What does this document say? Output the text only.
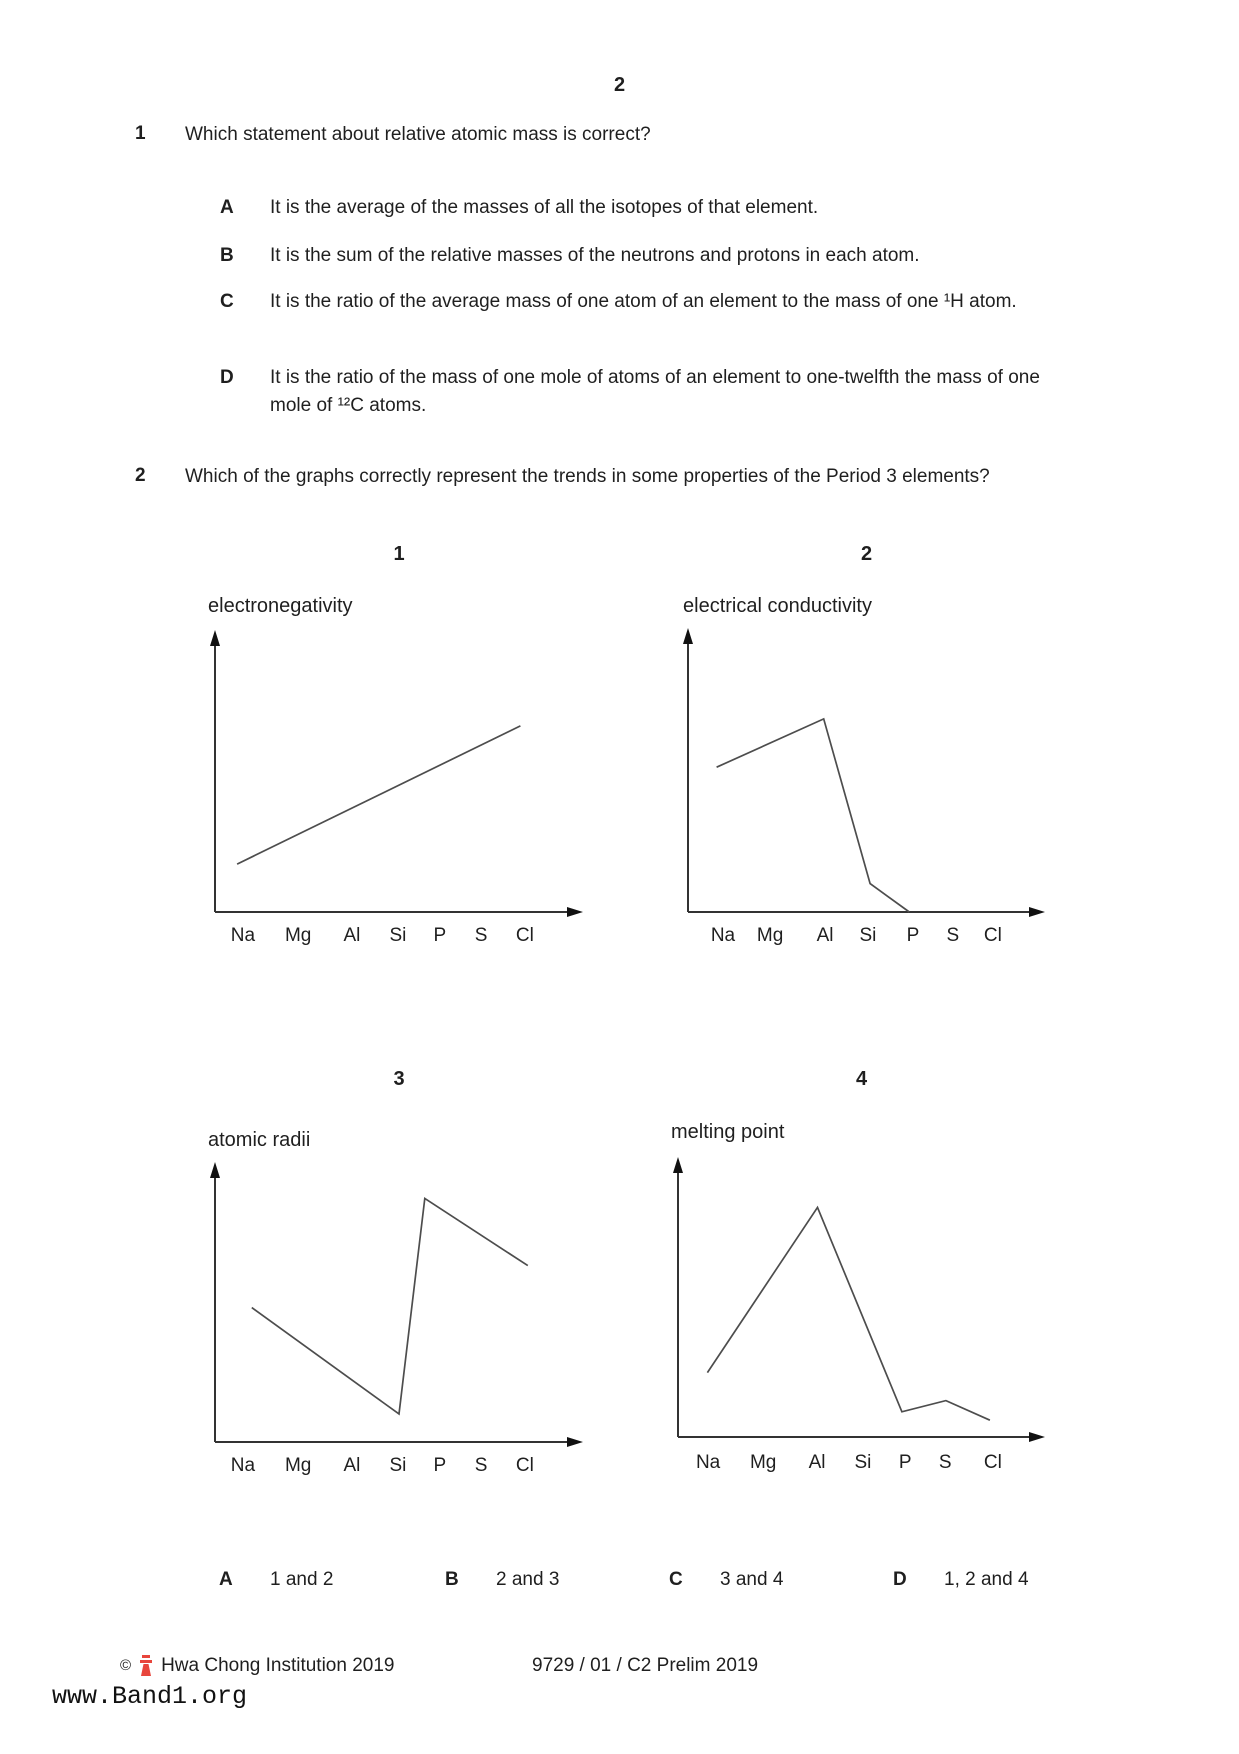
2
1 Which statement about relative atomic mass is correct?
A It is the average of the masses of all the isotopes of that element.
B It is the sum of the relative masses of the neutrons and protons in each atom.
C It is the ratio of the average mass of one atom of an element to the mass of one ¹H atom.
D It is the ratio of the mass of one mole of atoms of an element to one-twelfth the mass of one mole of ¹²C atoms.
2 Which of the graphs correctly represent the trends in some properties of the Period 3 elements?
1
electronegativity
Na Mg Al Si P S Cl
2
electrical conductivity
Na Mg Al Si P S Cl
3
atomic radii
Na Mg Al Si P S Cl
4
melting point
Na Mg Al Si P S Cl
A 1 and 2	B 2 and 3	C 3 and 4	D 1, 2 and 4
© Hwa Chong Institution 2019	9729 / 01 / C2 Prelim 2019
www.Band1.org
